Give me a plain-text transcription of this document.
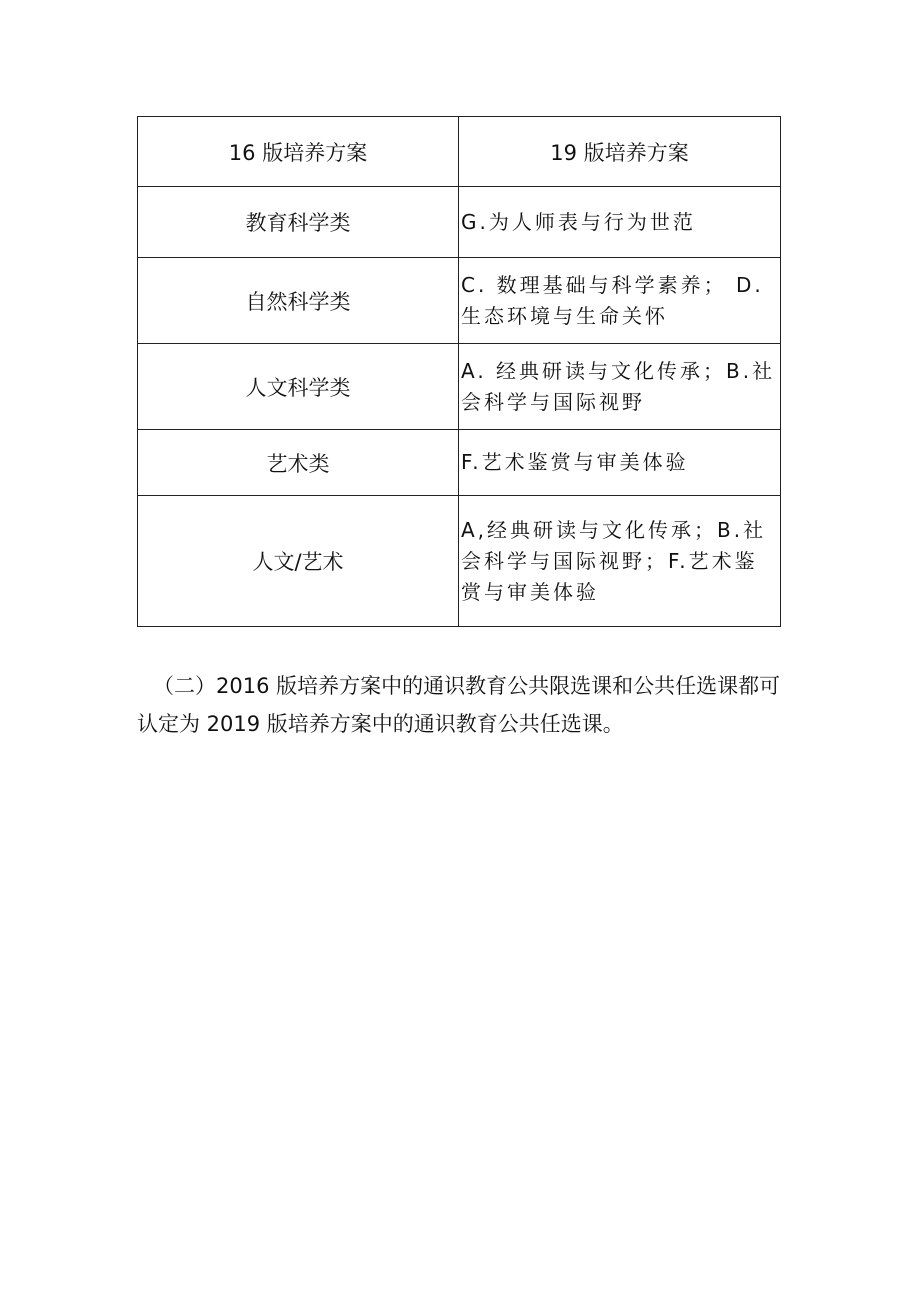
16 版培养方案	19 版培养方案
教育科学类	G.为人师表与行为世范
自然科学类	C. 数理基础与科学素养； D.生态环境与生命关怀
人文科学类	A. 经典研读与文化传承；B.社会科学与国际视野
艺术类	F.艺术鉴赏与审美体验
人文/艺术	A,经典研读与文化传承；B.社会科学与国际视野；F.艺术鉴赏与审美体验

（二）2016 版培养方案中的通识教育公共限选课和公共任选课都可认定为 2019 版培养方案中的通识教育公共任选课。
